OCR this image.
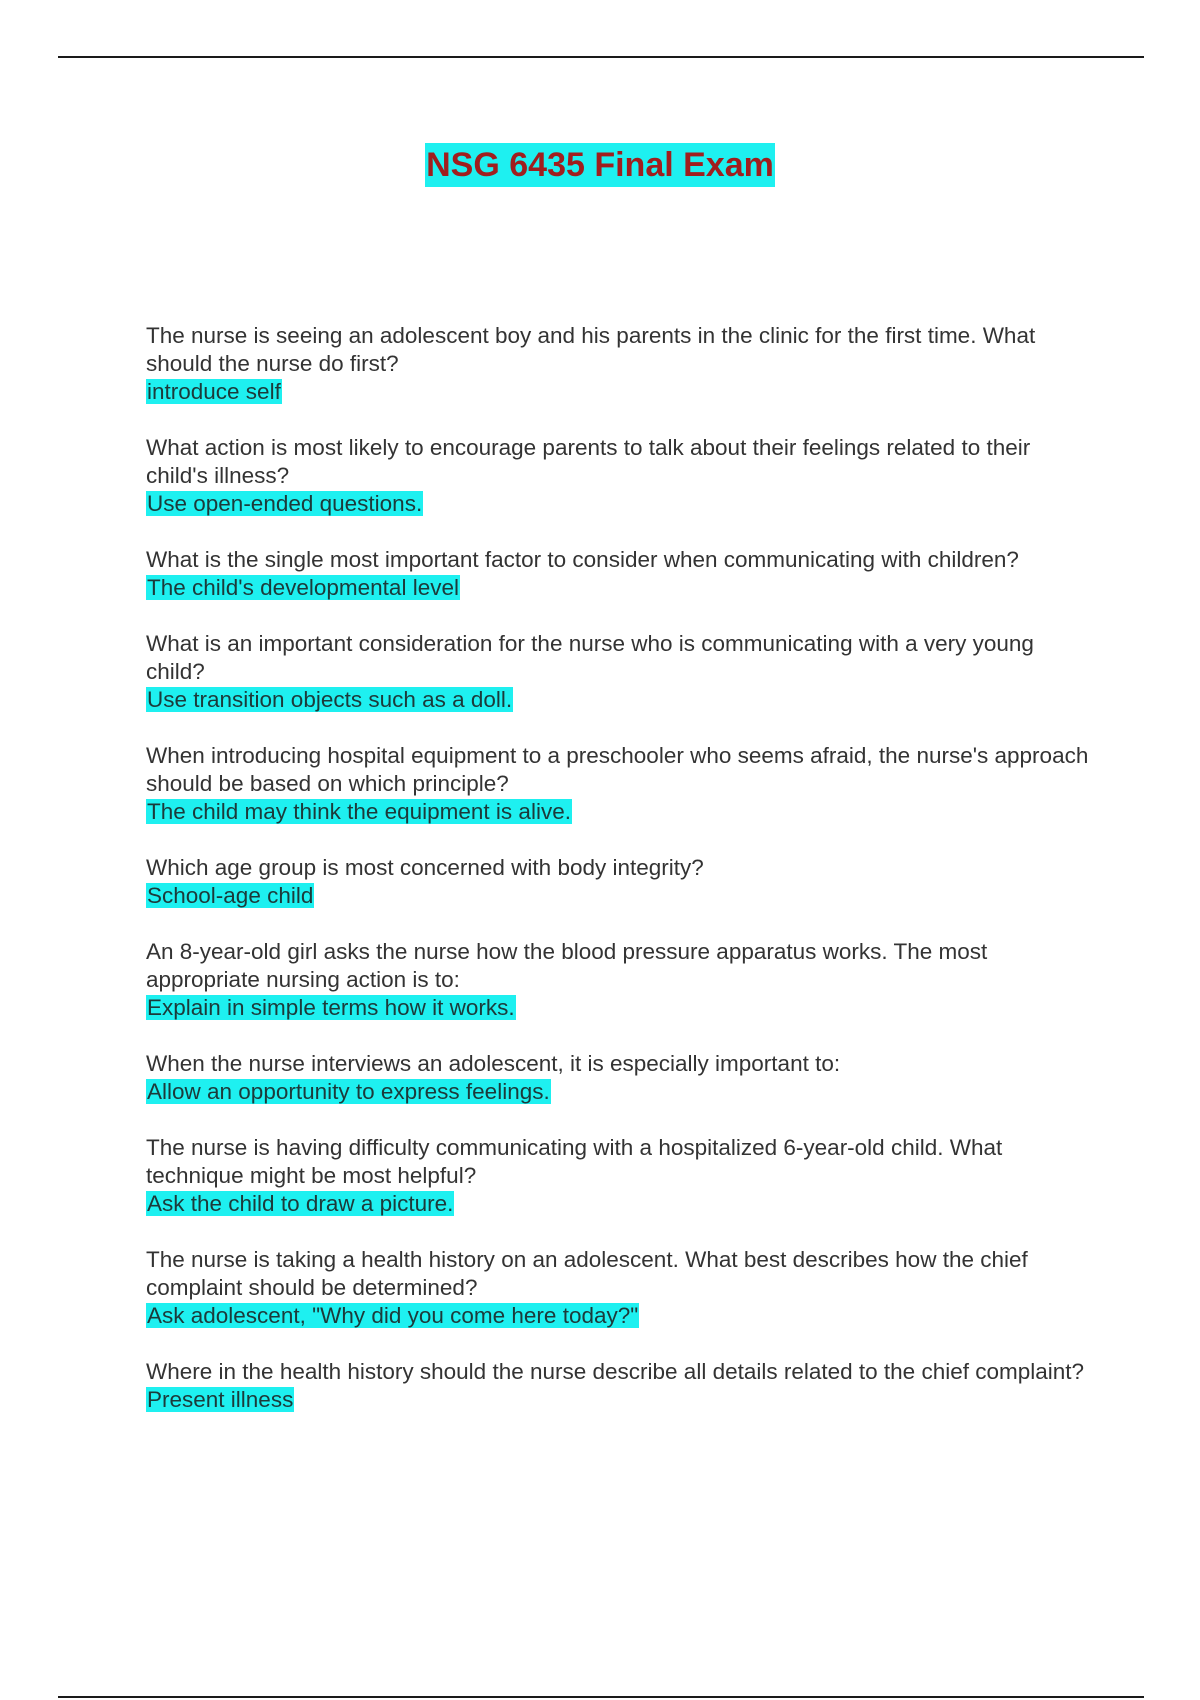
NSG 6435 Final Exam

The nurse is seeing an adolescent boy and his parents in the clinic for the first time. What should the nurse do first?

introduce self

What action is most likely to encourage parents to talk about their feelings related to their child's illness?

Use open-ended questions.

What is the single most important factor to consider when communicating with children?

The child's developmental level

What is an important consideration for the nurse who is communicating with a very young child?

Use transition objects such as a doll.

When introducing hospital equipment to a preschooler who seems afraid, the nurse's approach should be based on which principle?

The child may think the equipment is alive.

Which age group is most concerned with body integrity?

School-age child

An 8-year-old girl asks the nurse how the blood pressure apparatus works. The most appropriate nursing action is to:

Explain in simple terms how it works.

When the nurse interviews an adolescent, it is especially important to:

Allow an opportunity to express feelings.

The nurse is having difficulty communicating with a hospitalized 6-year-old child. What technique might be most helpful?

Ask the child to draw a picture.

The nurse is taking a health history on an adolescent. What best describes how the chief complaint should be determined?

Ask adolescent, "Why did you come here today?"

Where in the health history should the nurse describe all details related to the chief complaint?

Present illness
